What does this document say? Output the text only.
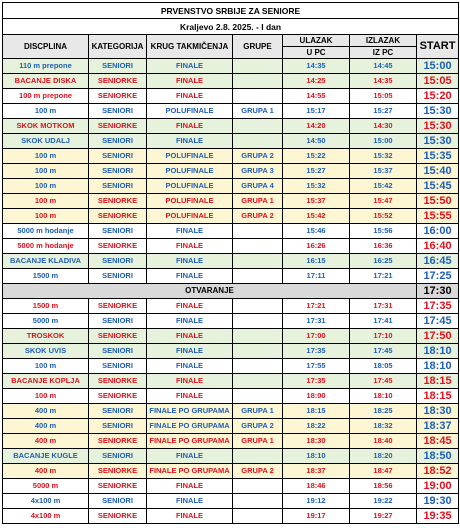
PRVENSTVO SRBIJE ZA SENIORE						
Kraljevo 2.8. 2025. - I dan						
DISCPLINA	KATEGORIJA	KRUG TAKMIČENJA	GRUPE	ULAZAK	IZLAZAK	START
				U PC	IZ PC	
110 m prepone	SENIORI	FINALE		14:35	14:45	15:00
BACANJE DISKA	SENIORKE	FINALE		14:25	14:35	15:05
100 m prepone	SENIORKE	FINALE		14:55	15:05	15:20
100 m	SENIORI	POLUFINALE	GRUPA 1	15:17	15:27	15:30
SKOK MOTKOM	SENIORKE	FINALE		14:20	14:30	15:30
SKOK UDALJ	SENIORI	FINALE		14:50	15:00	15:30
100 m	SENIORI	POLUFINALE	GRUPA 2	15:22	15:32	15:35
100 m	SENIORI	POLUFINALE	GRUPA 3	15:27	15:37	15:40
100 m	SENIORI	POLUFINALE	GRUPA 4	15:32	15:42	15:45
100 m	SENIORKE	POLUFINALE	GRUPA 1	15:37	15:47	15:50
100 m	SENIORKE	POLUFINALE	GRUPA 2	15:42	15:52	15:55
5000 m hodanje	SENIORI	FINALE		15:46	15:56	16:00
5000 m hodanje	SENIORKE	FINALE		16:26	16:36	16:40
BACANJE KLADIVA	SENIORI	FINALE		16:15	16:25	16:45
1500 m	SENIORI	FINALE		17:11	17:21	17:25
OTVARANJE						17:30
1500 m	SENIORKE	FINALE		17:21	17:31	17:35
5000 m	SENIORI	FINALE		17:31	17:41	17:45
TROSKOK	SENIORKE	FINALE		17:00	17:10	17:50
SKOK UVIS	SENIORI	FINALE		17:35	17:45	18:10
100 m	SENIORI	FINALE		17:55	18:05	18:10
BACANJE KOPLJA	SENIORKE	FINALE		17:35	17:45	18:15
100 m	SENIORKE	FINALE		18:00	18:10	18:15
400 m	SENIORI	FINALE PO GRUPAMA	GRUPA 1	18:15	18:25	18:30
400 m	SENIORI	FINALE PO GRUPAMA	GRUPA 2	18:22	18:32	18:37
400 m	SENIORKE	FINALE PO GRUPAMA	GRUPA 1	18:30	18:40	18:45
BACANJE KUGLE	SENIORI	FINALE		18:10	18:20	18:50
400 m	SENIORKE	FINALE PO GRUPAMA	GRUPA 2	18:37	18:47	18:52
5000 m	SENIORKE	FINALE		18:46	18:56	19:00
4x100 m	SENIORI	FINALE		19:12	19:22	19:30
4x100 m	SENIORKE	FINALE		19:17	19:27	19:35
